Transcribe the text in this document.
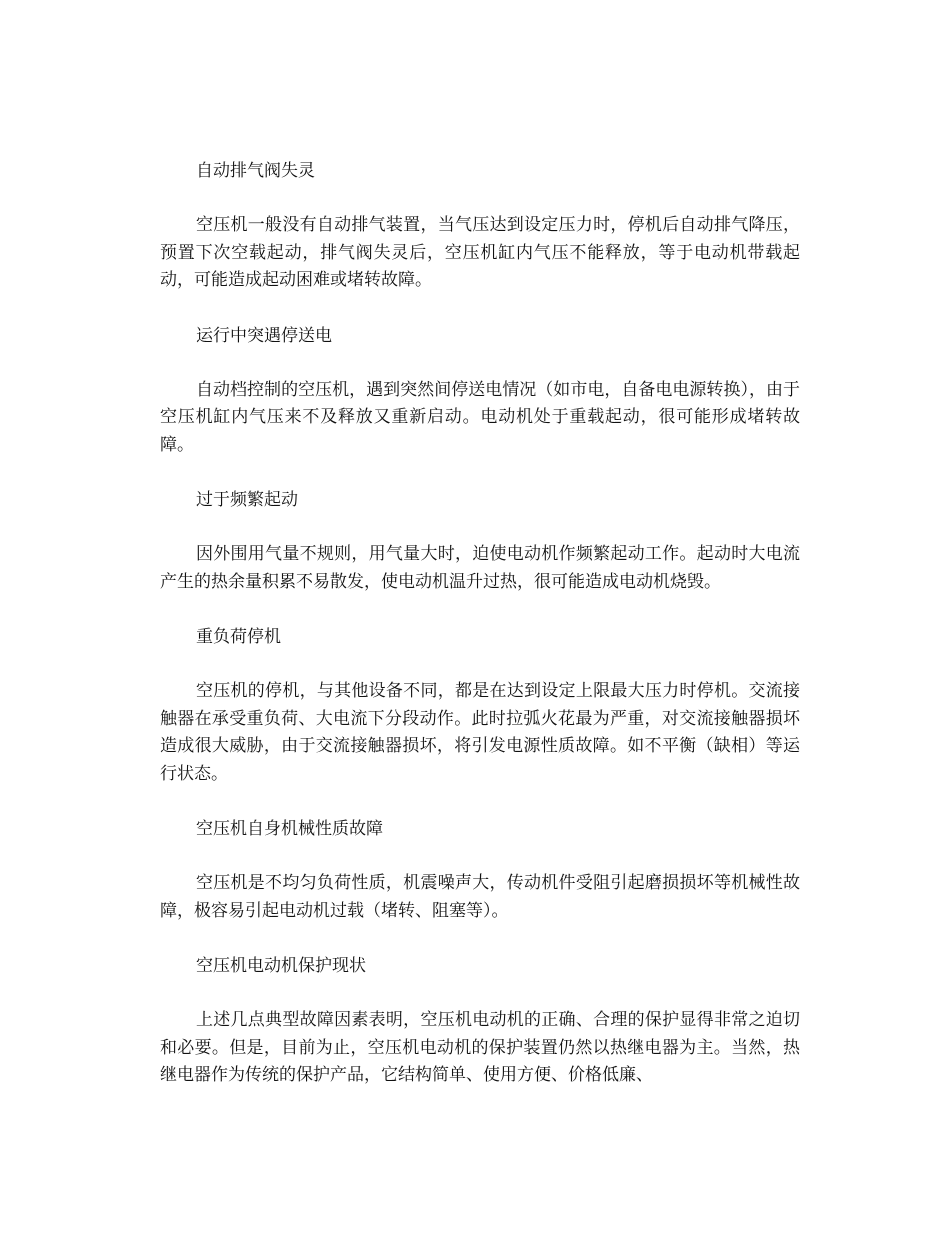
自动排气阀失灵

空压机一般没有自动排气装置，当气压达到设定压力时，停机后自动排气降压，预置下次空载起动，排气阀失灵后，空压机缸内气压不能释放，等于电动机带载起动，可能造成起动困难或堵转故障。

运行中突遇停送电

自动档控制的空压机，遇到突然间停送电情况（如市电，自备电电源转换），由于空压机缸内气压来不及释放又重新启动。电动机处于重载起动，很可能形成堵转故障。

过于频繁起动

因外围用气量不规则，用气量大时，迫使电动机作频繁起动工作。起动时大电流产生的热余量积累不易散发，使电动机温升过热，很可能造成电动机烧毁。

重负荷停机

空压机的停机，与其他设备不同，都是在达到设定上限最大压力时停机。交流接触器在承受重负荷、大电流下分段动作。此时拉弧火花最为严重，对交流接触器损坏造成很大威胁，由于交流接触器损坏，将引发电源性质故障。如不平衡（缺相）等运行状态。

空压机自身机械性质故障

空压机是不均匀负荷性质，机震噪声大，传动机件受阻引起磨损损坏等机械性故障，极容易引起电动机过载（堵转、阻塞等）。

空压机电动机保护现状

上述几点典型故障因素表明，空压机电动机的正确、合理的保护显得非常之迫切和必要。但是，目前为止，空压机电动机的保护装置仍然以热继电器为主。当然，热继电器作为传统的保护产品，它结构简单、使用方便、价格低廉、
